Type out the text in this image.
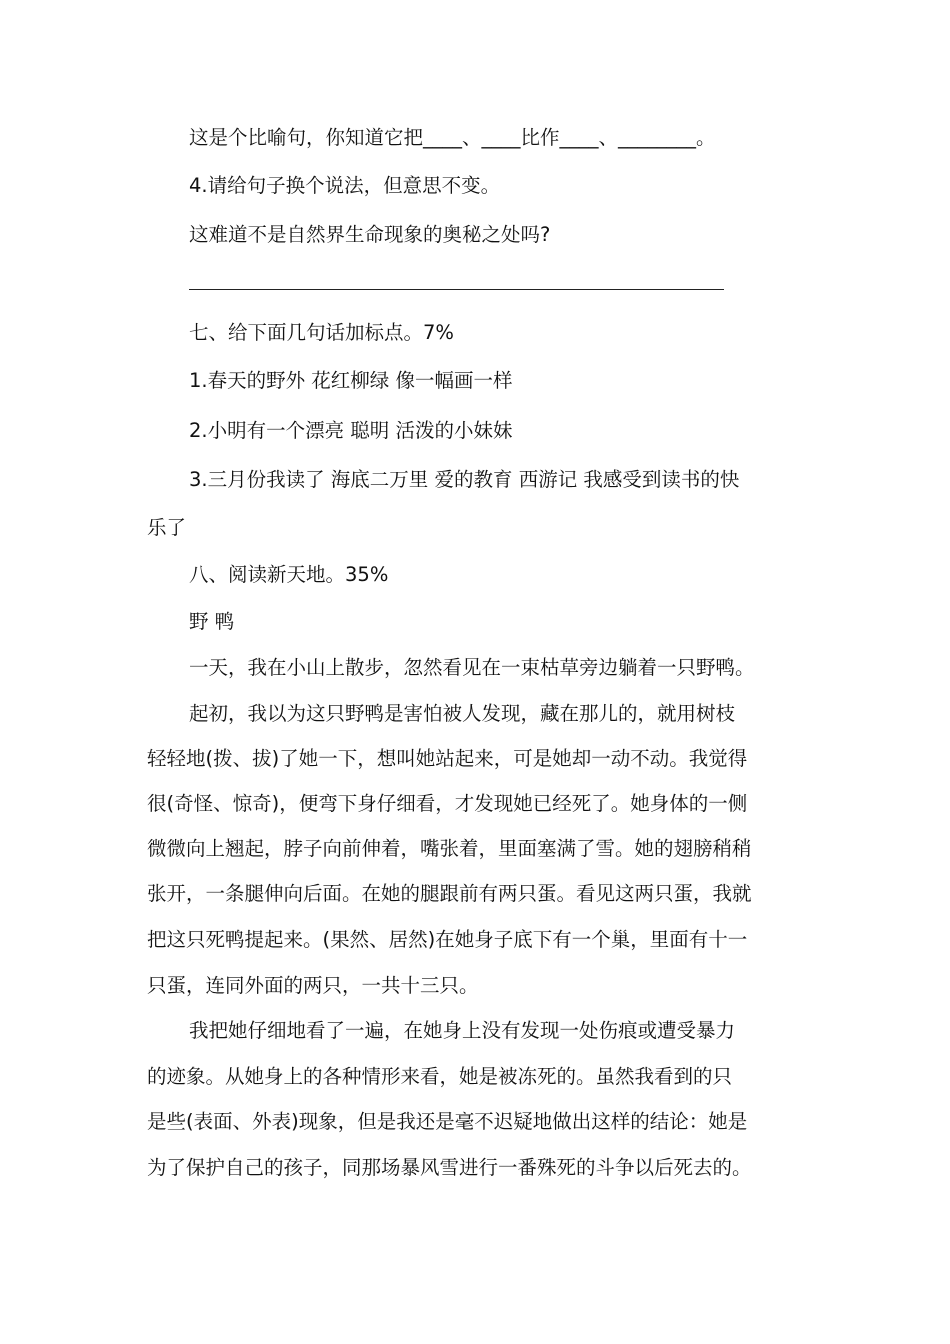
这是个比喻句，你知道它把____、____比作____、________。
4.请给句子换个说法，但意思不变。
这难道不是自然界生命现象的奥秘之处吗?
七、给下面几句话加标点。7%
1.春天的野外 花红柳绿 像一幅画一样
2.小明有一个漂亮 聪明 活泼的小妹妹
3.三月份我读了 海底二万里 爱的教育 西游记 我感受到读书的快
乐了
八、阅读新天地。35%
野 鸭
一天，我在小山上散步，忽然看见在一束枯草旁边躺着一只野鸭。
起初，我以为这只野鸭是害怕被人发现，藏在那儿的，就用树枝
轻轻地(拨、拔)了她一下，想叫她站起来，可是她却一动不动。我觉得
很(奇怪、惊奇)，便弯下身仔细看，才发现她已经死了。她身体的一侧
微微向上翘起，脖子向前伸着，嘴张着，里面塞满了雪。她的翅膀稍稍
张开，一条腿伸向后面。在她的腿跟前有两只蛋。看见这两只蛋，我就
把这只死鸭提起来。(果然、居然)在她身子底下有一个巢，里面有十一
只蛋，连同外面的两只，一共十三只。
我把她仔细地看了一遍，在她身上没有发现一处伤痕或遭受暴力
的迹象。从她身上的各种情形来看，她是被冻死的。虽然我看到的只
是些(表面、外表)现象，但是我还是毫不迟疑地做出这样的结论：她是
为了保护自己的孩子，同那场暴风雪进行一番殊死的斗争以后死去的。
